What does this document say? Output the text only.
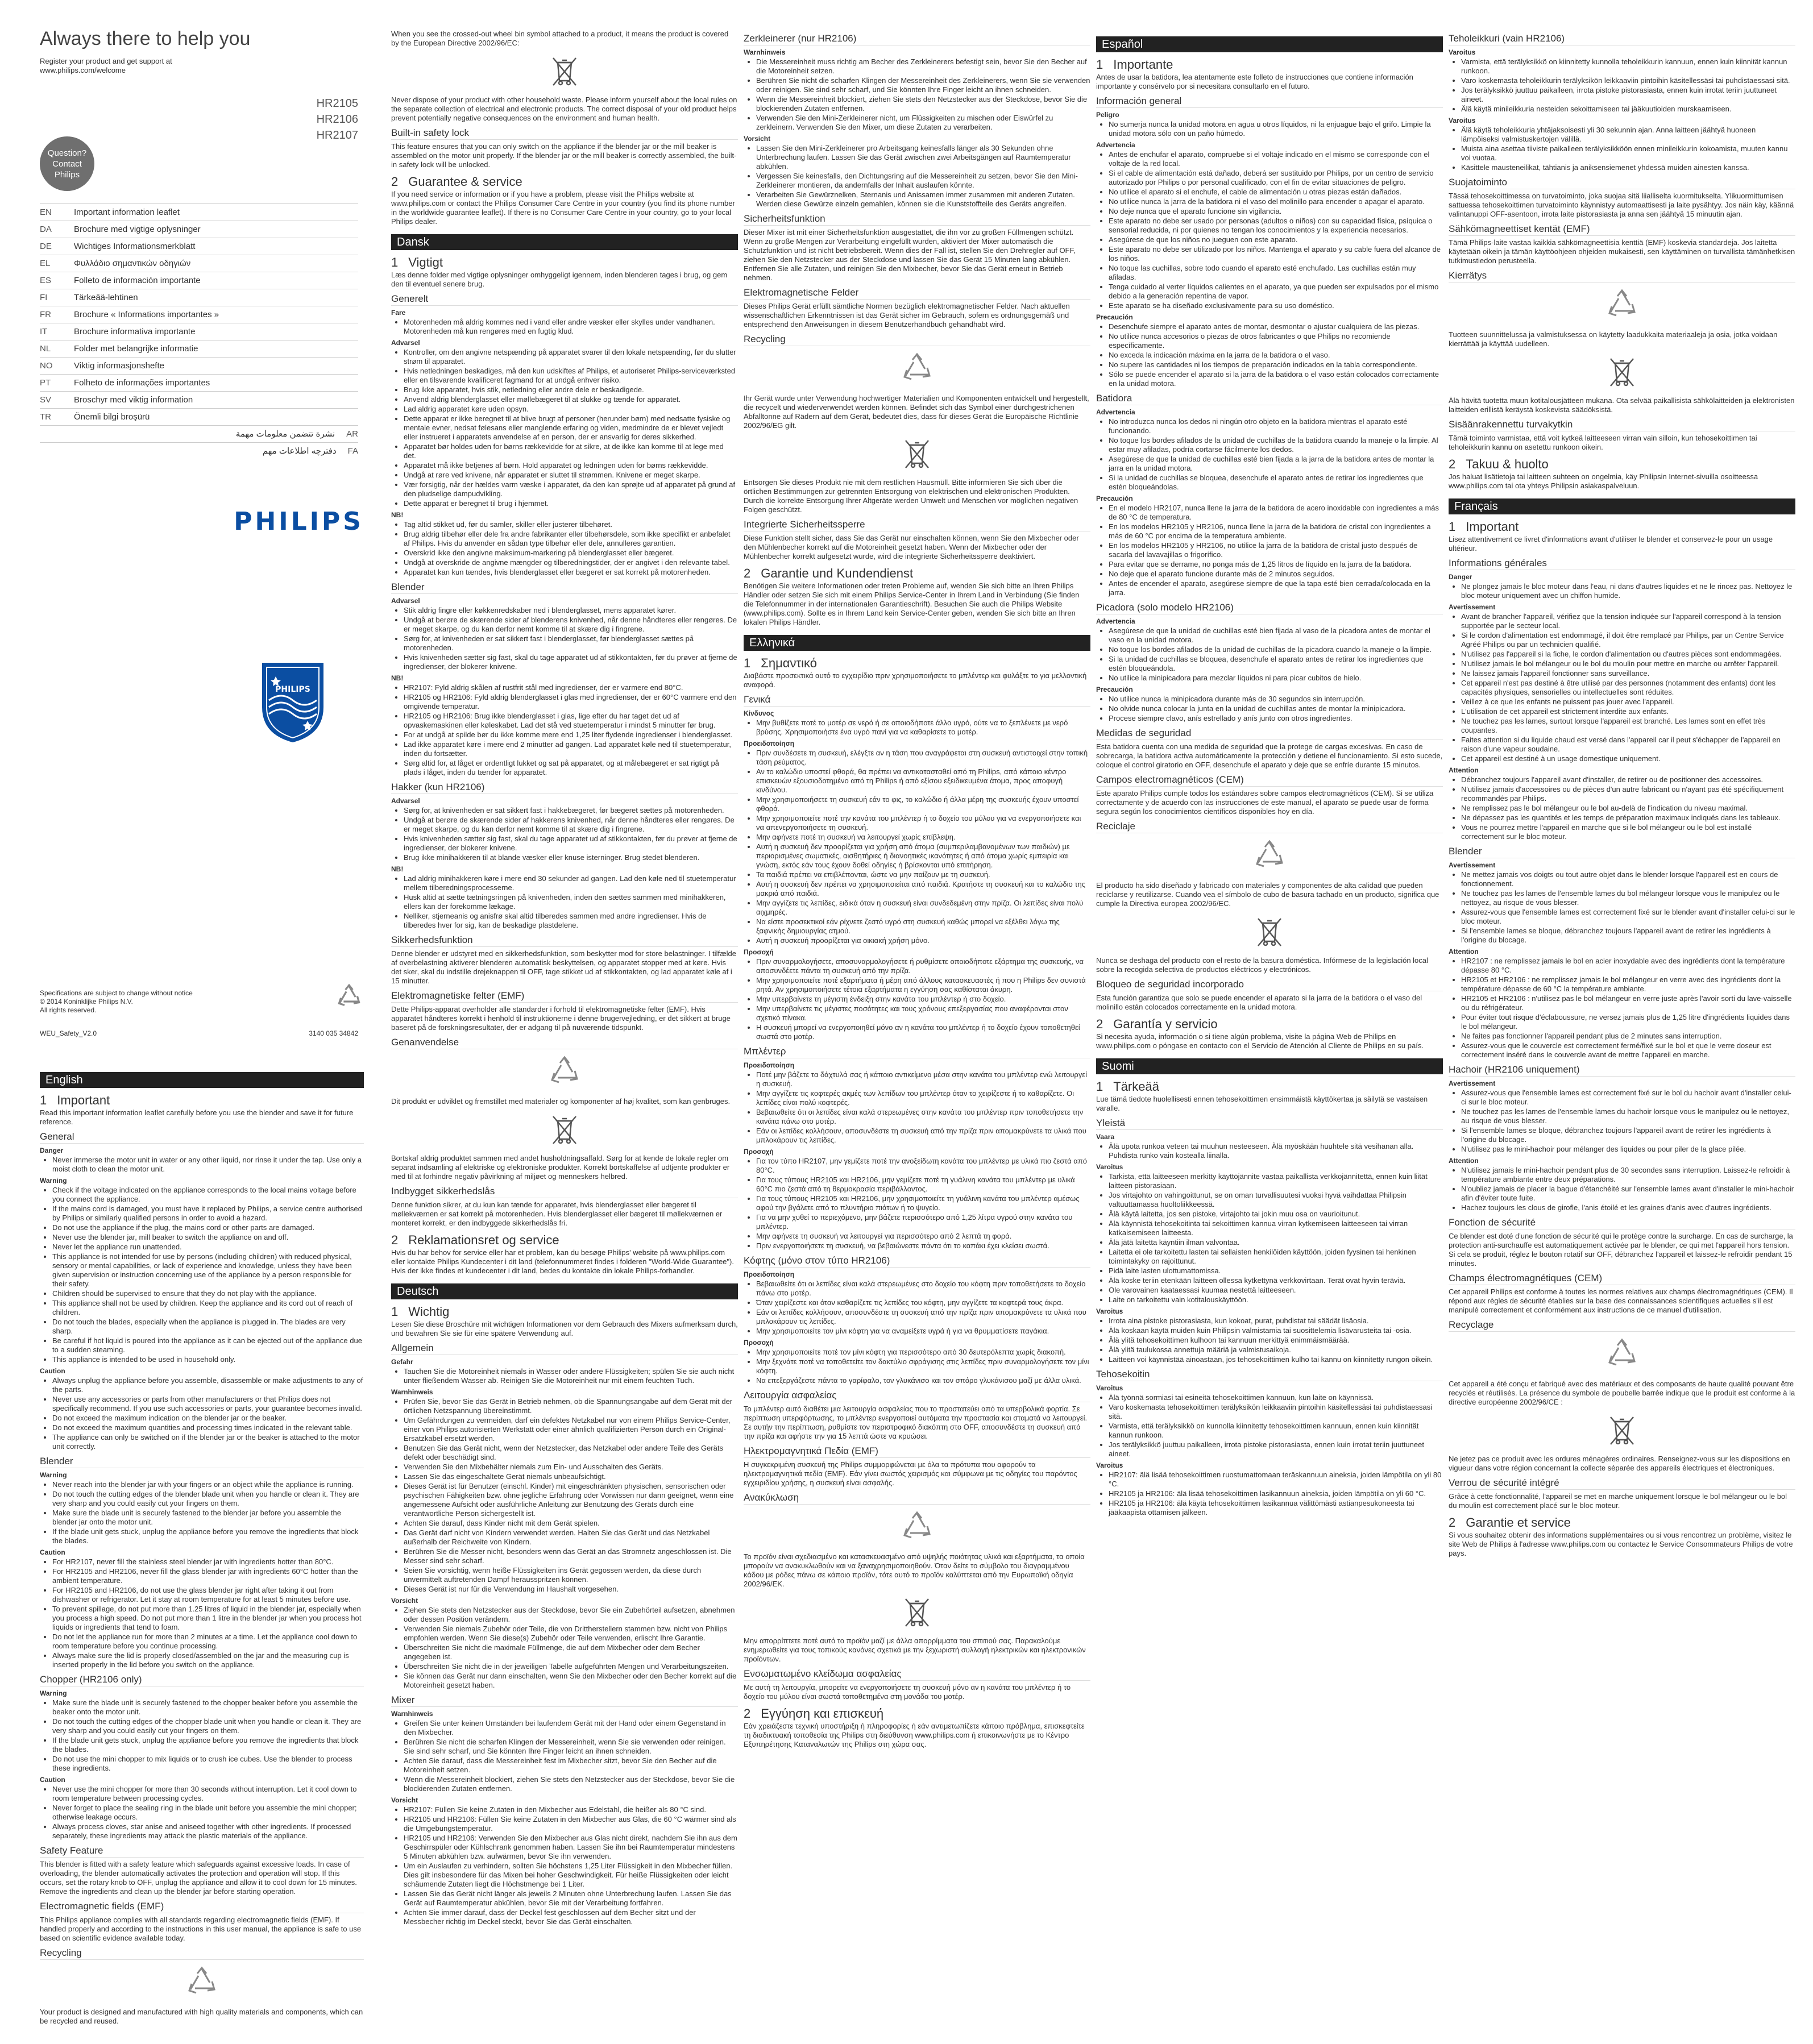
Always there to help you

Register your product and get support at

www.philips.com/welcome

HR2105
HR2106
HR2107
Question? Contact Philips
EN	Important information leaflet
DA	Brochure med vigtige oplysninger
DE	Wichtiges Informationsmerkblatt
EL	Φυλλάδιο σημαντικών οδηγιών
ES	Folleto de información importante
FI	Tärkeää-lehtinen
FR	Brochure « Informations importantes »
IT	Brochure informativa importante
NL	Folder met belangrijke informatie
NO	Viktig informasjonshefte
PT	Folheto de informações importantes
SV	Broschyr med viktig information
TR	Önemli bilgi broşürü
نشرة تتضمن معلومات مهمة AR
دفترچه اطلاعات مهم FA
PHILIPS
PHILIPS
Specifications are subject to change without notice
© 2014 Koninklijke Philips N.V.
All rights reserved.
WEU_Safety_V2.0	3140 035 34842
English
1 Important

Read this important information leaflet carefully before you use the blender and save it for future reference.

General
Danger
• Never immerse the motor unit in water or any other liquid, nor rinse it under the tap. Use only a moist cloth to clean the motor unit.
Warning
• Check if the voltage indicated on the appliance corresponds to the local mains voltage before you connect the appliance.
• If the mains cord is damaged, you must have it replaced by Philips, a service centre authorised by Philips or similarly qualified persons in order to avoid a hazard.
• Do not use the appliance if the plug, the mains cord or other parts are damaged.
• Never use the blender jar, mill beaker to switch the appliance on and off.
• Never let the appliance run unattended.
• This appliance is not intended for use by persons (including children) with reduced physical, sensory or mental capabilities, or lack of experience and knowledge, unless they have been given supervision or instruction concerning use of the appliance by a person responsible for their safety.
• Children should be supervised to ensure that they do not play with the appliance.
• This appliance shall not be used by children. Keep the appliance and its cord out of reach of children.
• Do not touch the blades, especially when the appliance is plugged in. The blades are very sharp.
• Be careful if hot liquid is poured into the appliance as it can be ejected out of the appliance due to a sudden steaming.
• This appliance is intended to be used in household only.
Caution
• Always unplug the appliance before you assemble, disassemble or make adjustments to any of the parts.
• Never use any accessories or parts from other manufacturers or that Philips does not specifically recommend. If you use such accessories or parts, your guarantee becomes invalid.
• Do not exceed the maximum indication on the blender jar or the beaker.
• Do not exceed the maximum quantities and processing times indicated in the relevant table.
• The appliance can only be switched on if the blender jar or the beaker is attached to the motor unit correctly.
Blender
Warning
• Never reach into the blender jar with your fingers or an object while the appliance is running.
• Do not touch the cutting edges of the blender blade unit when you handle or clean it. They are very sharp and you could easily cut your fingers on them.
• Make sure the blade unit is securely fastened to the blender jar before you assemble the blender jar onto the motor unit.
• If the blade unit gets stuck, unplug the appliance before you remove the ingredients that block the blades.
Caution
• For HR2107, never fill the stainless steel blender jar with ingredients hotter than 80°C.
• For HR2105 and HR2106, never fill the glass blender jar with ingredients 60°C hotter than the ambient temperature.
• For HR2105 and HR2106, do not use the glass blender jar right after taking it out from dishwasher or refrigerator. Let it stay at room temperature for at least 5 minutes before use.
• To prevent spillage, do not put more than 1.25 litres of liquid in the blender jar, especially when you process a high speed. Do not put more than 1 litre in the blender jar when you process hot liquids or ingredients that tend to foam.
• Do not let the appliance run for more than 2 minutes at a time. Let the appliance cool down to room temperature before you continue processing.
• Always make sure the lid is properly closed/assembled on the jar and the measuring cup is inserted properly in the lid before you switch on the appliance.
Chopper (HR2106 only)
Warning
• Make sure the blade unit is securely fastened to the chopper beaker before you assemble the beaker onto the motor unit.
• Do not touch the cutting edges of the chopper blade unit when you handle or clean it. They are very sharp and you could easily cut your fingers on them.
• If the blade unit gets stuck, unplug the appliance before you remove the ingredients that block the blades.
• Do not use the mini chopper to mix liquids or to crush ice cubes. Use the blender to process these ingredients.
Caution
• Never use the mini chopper for more than 30 seconds without interruption. Let it cool down to room temperature between processing cycles.
• Never forget to place the sealing ring in the blade unit before you assemble the mini chopper; otherwise leakage occurs.
• Always process cloves, star anise and aniseed together with other ingredients. If processed separately, these ingredients may attack the plastic materials of the appliance.
Safety Feature

This blender is fitted with a safety feature which safeguards against excessive loads. In case of overloading, the blender automatically activates the protection and operation will stop. If this occurs, set the rotary knob to OFF, unplug the appliance and allow it to cool down for 15 minutes. Remove the ingredients and clean up the blender jar before starting operation.

Electromagnetic fields (EMF)

This Philips appliance complies with all standards regarding electromagnetic fields (EMF). If handled properly and according to the instructions in this user manual, the appliance is safe to use based on scientific evidence available today.

Recycling

Your product is designed and manufactured with high quality materials and components, which can be recycled and reused.

When you see the crossed-out wheel bin symbol attached to a product, it means the product is covered by the European Directive 2002/96/EC:

Never dispose of your product with other household waste. Please inform yourself about the local rules on the separate collection of electrical and electronic products. The correct disposal of your old product helps prevent potentially negative consequences on the environment and human health.

Built-in safety lock

This feature ensures that you can only switch on the appliance if the blender jar or the mill beaker is assembled on the motor unit properly. If the blender jar or the mill beaker is correctly assembled, the built-in safety lock will be unlocked.

2 Guarantee & service

If you need service or information or if you have a problem, please visit the Philips website at www.philips.com or contact the Philips Consumer Care Centre in your country (you find its phone number in the worldwide guarantee leaflet). If there is no Consumer Care Centre in your country, go to your local Philips dealer.

Dansk
1 Vigtigt

Læs denne folder med vigtige oplysninger omhyggeligt igennem, inden blenderen tages i brug, og gem den til eventuel senere brug.

Generelt
Fare
• Motorenheden må aldrig kommes ned i vand eller andre væsker eller skylles under vandhanen. Motorenheden må kun rengøres med en fugtig klud.
Advarsel
• Kontroller, om den angivne netspænding på apparatet svarer til den lokale netspænding, før du slutter strøm til apparatet.
• Hvis netledningen beskadiges, må den kun udskiftes af Philips, et autoriseret Philips-serviceværksted eller en tilsvarende kvalificeret fagmand for at undgå enhver risiko.
• Brug ikke apparatet, hvis stik, netledning eller andre dele er beskadigede.
• Anvend aldrig blenderglasset eller møllebægeret til at slukke og tænde for apparatet.
• Lad aldrig apparatet køre uden opsyn.
• Dette apparat er ikke beregnet til at blive brugt af personer (herunder børn) med nedsatte fysiske og mentale evner, nedsat følesans eller manglende erfaring og viden, medmindre de er blevet vejledt eller instrueret i apparatets anvendelse af en person, der er ansvarlig for deres sikkerhed.
• Apparatet bør holdes uden for børns rækkevidde for at sikre, at de ikke kan komme til at lege med det.
• Apparatet må ikke betjenes af børn. Hold apparatet og ledningen uden for børns rækkevidde.
• Undgå at røre ved knivene, når apparatet er sluttet til strømmen. Knivene er meget skarpe.
• Vær forsigtig, når der hældes varm væske i apparatet, da den kan sprøjte ud af apparatet på grund af den pludselige dampudvikling.
• Dette apparat er beregnet til brug i hjemmet.
NB!
• Tag altid stikket ud, før du samler, skiller eller justerer tilbehøret.
• Brug aldrig tilbehør eller dele fra andre fabrikanter eller tilbehørsdele, som ikke specifikt er anbefalet af Philips. Hvis du anvender en sådan type tilbehør eller dele, annulleres garantien.
• Overskrid ikke den angivne maksimum-markering på blenderglasset eller bægeret.
• Undgå at overskride de angivne mængder og tilberedningstider, der er angivet i den relevante tabel.
• Apparatet kan kun tændes, hvis blenderglasset eller bægeret er sat korrekt på motorenheden.
Blender
Advarsel
• Stik aldrig fingre eller køkkenredskaber ned i blenderglasset, mens apparatet kører.
• Undgå at berøre de skærende sider af blenderens knivenhed, når denne håndteres eller rengøres. De er meget skarpe, og du kan derfor nemt komme til at skære dig i fingrene.
• Sørg for, at knivenheden er sat sikkert fast i blenderglasset, før blenderglasset sættes på motorenheden.
• Hvis knivenheden sætter sig fast, skal du tage apparatet ud af stikkontakten, før du prøver at fjerne de ingredienser, der blokerer knivene.
NB!
• HR2107: Fyld aldrig skålen af rustfrit stål med ingredienser, der er varmere end 80°C.
• HR2105 og HR2106: Fyld aldrig blenderglasset i glas med ingredienser, der er 60°C varmere end den omgivende temperatur.
• HR2105 og HR2106: Brug ikke blenderglasset i glas, lige efter du har taget det ud af opvaskemaskinen eller køleskabet. Lad det stå ved stuetemperatur i mindst 5 minutter før brug.
• For at undgå at spilde bør du ikke komme mere end 1,25 liter flydende ingredienser i blenderglasset.
• Lad ikke apparatet køre i mere end 2 minutter ad gangen. Lad apparatet køle ned til stuetemperatur, inden du fortsætter.
• Sørg altid for, at låget er ordentligt lukket og sat på apparatet, og at målebægeret er sat rigtigt på plads i låget, inden du tænder for apparatet.
Hakker (kun HR2106)
Advarsel
• Sørg for, at knivenheden er sat sikkert fast i hakkebægeret, før bægeret sættes på motorenheden.
• Undgå at berøre de skærende sider af hakkerens knivenhed, når denne håndteres eller rengøres. De er meget skarpe, og du kan derfor nemt komme til at skære dig i fingrene.
• Hvis knivenheden sætter sig fast, skal du tage apparatet ud af stikkontakten, før du prøver at fjerne de ingredienser, der blokerer knivene.
• Brug ikke minihakkeren til at blande væsker eller knuse isterninger. Brug stedet blenderen.
NB!
• Lad aldrig minihakkeren køre i mere end 30 sekunder ad gangen. Lad den køle ned til stuetemperatur mellem tilberedningsprocesserne.
• Husk altid at sætte tætningsringen på knivenheden, inden den sættes sammen med minihakkeren, ellers kan der forekomme lækage.
• Nelliker, stjerneanis og anisfrø skal altid tilberedes sammen med andre ingredienser. Hvis de tilberedes hver for sig, kan de beskadige plastdelene.
Sikkerhedsfunktion

Denne blender er udstyret med en sikkerhedsfunktion, som beskytter mod for store belastninger. I tilfælde af overbelastning aktiverer blenderen automatisk beskyttelsen, og apparatet stopper med at køre. Hvis det sker, skal du indstille drejeknappen til OFF, tage stikket ud af stikkontakten, og lad apparatet køle af i 15 minutter.

Elektromagnetiske felter (EMF)

Dette Philips-apparat overholder alle standarder i forhold til elektromagnetiske felter (EMF). Hvis apparatet håndteres korrekt i henhold til instruktionerne i denne brugervejledning, er det sikkert at bruge baseret på de forskningsresultater, der er adgang til på nuværende tidspunkt.

Genanvendelse

Dit produkt er udviklet og fremstillet med materialer og komponenter af høj kvalitet, som kan genbruges.

Bortskaf aldrig produktet sammen med andet husholdningsaffald. Sørg for at kende de lokale regler om separat indsamling af elektriske og elektroniske produkter. Korrekt bortskaffelse af udtjente produkter er med til at forhindre negativ påvirkning af miljøet og menneskers helbred.

Indbygget sikkerhedslås

Denne funktion sikrer, at du kun kan tænde for apparatet, hvis blenderglasset eller bægeret til møllekværnen er sat korrekt på motorenheden. Hvis blenderglasset eller bægeret til møllekværnen er monteret korrekt, er den indbyggede sikkerhedslås fri.

2 Reklamationsret og service

Hvis du har behov for service eller har et problem, kan du besøge Philips' website på www.philips.com eller kontakte Philips Kundecenter i dit land (telefonnummeret findes i folderen "World-Wide Guarantee"). Hvis der ikke findes et kundecenter i dit land, bedes du kontakte din lokale Philips-forhandler.

Deutsch
1 Wichtig

Lesen Sie diese Broschüre mit wichtigen Informationen vor dem Gebrauch des Mixers aufmerksam durch, und bewahren Sie sie für eine spätere Verwendung auf.

Allgemein
Gefahr
• Tauchen Sie die Motoreinheit niemals in Wasser oder andere Flüssigkeiten; spülen Sie sie auch nicht unter fließendem Wasser ab. Reinigen Sie die Motoreinheit nur mit einem feuchten Tuch.
Warnhinweis
• Prüfen Sie, bevor Sie das Gerät in Betrieb nehmen, ob die Spannungsangabe auf dem Gerät mit der örtlichen Netzspannung übereinstimmt.
• Um Gefährdungen zu vermeiden, darf ein defektes Netzkabel nur von einem Philips Service-Center, einer von Philips autorisierten Werkstatt oder einer ähnlich qualifizierten Person durch ein Original-Ersatzkabel ersetzt werden.
• Benutzen Sie das Gerät nicht, wenn der Netzstecker, das Netzkabel oder andere Teile des Geräts defekt oder beschädigt sind.
• Verwenden Sie den Mixbehälter niemals zum Ein- und Ausschalten des Geräts.
• Lassen Sie das eingeschaltete Gerät niemals unbeaufsichtigt.
• Dieses Gerät ist für Benutzer (einschl. Kinder) mit eingeschränkten physischen, sensorischen oder psychischen Fähigkeiten bzw. ohne jegliche Erfahrung oder Vorwissen nur dann geeignet, wenn eine angemessene Aufsicht oder ausführliche Anleitung zur Benutzung des Geräts durch eine verantwortliche Person sichergestellt ist.
• Achten Sie darauf, dass Kinder nicht mit dem Gerät spielen.
• Das Gerät darf nicht von Kindern verwendet werden. Halten Sie das Gerät und das Netzkabel außerhalb der Reichweite von Kindern.
• Berühren Sie die Messer nicht, besonders wenn das Gerät an das Stromnetz angeschlossen ist. Die Messer sind sehr scharf.
• Seien Sie vorsichtig, wenn heiße Flüssigkeiten ins Gerät gegossen werden, da diese durch unvermittelt auftretenden Dampf herausspritzen können.
• Dieses Gerät ist nur für die Verwendung im Haushalt vorgesehen.
Vorsicht
• Ziehen Sie stets den Netzstecker aus der Steckdose, bevor Sie ein Zubehörteil aufsetzen, abnehmen oder dessen Position verändern.
• Verwenden Sie niemals Zubehör oder Teile, die von Drittherstellern stammen bzw. nicht von Philips empfohlen werden. Wenn Sie diese(s) Zubehör oder Teile verwenden, erlischt Ihre Garantie.
• Überschreiten Sie nicht die maximale Füllmenge, die auf dem Mixbecher oder dem Becher angegeben ist.
• Überschreiten Sie nicht die in der jeweiligen Tabelle aufgeführten Mengen und Verarbeitungszeiten.
• Sie können das Gerät nur dann einschalten, wenn Sie den Mixbecher oder den Becher korrekt auf die Motoreinheit gesetzt haben.
Mixer
Warnhinweis
• Greifen Sie unter keinen Umständen bei laufendem Gerät mit der Hand oder einem Gegenstand in den Mixbecher.
• Berühren Sie nicht die scharfen Klingen der Messereinheit, wenn Sie sie verwenden oder reinigen. Sie sind sehr scharf, und Sie könnten Ihre Finger leicht an ihnen schneiden.
• Achten Sie darauf, dass die Messereinheit fest im Mixbecher sitzt, bevor Sie den Becher auf die Motoreinheit setzen.
• Wenn die Messereinheit blockiert, ziehen Sie stets den Netzstecker aus der Steckdose, bevor Sie die blockierenden Zutaten entfernen.
Vorsicht
• HR2107: Füllen Sie keine Zutaten in den Mixbecher aus Edelstahl, die heißer als 80 °C sind.
• HR2105 und HR2106: Füllen Sie keine Zutaten in den Mixbecher aus Glas, die 60 °C wärmer sind als die Umgebungstemperatur.
• HR2105 und HR2106: Verwenden Sie den Mixbecher aus Glas nicht direkt, nachdem Sie ihn aus dem Geschirrspüler oder Kühlschrank genommen haben. Lassen Sie ihn bei Raumtemperatur mindestens 5 Minuten abkühlen bzw. aufwärmen, bevor Sie ihn verwenden.
• Um ein Auslaufen zu verhindern, sollten Sie höchstens 1,25 Liter Flüssigkeit in den Mixbecher füllen. Dies gilt insbesondere für das Mixen bei hoher Geschwindigkeit. Für heiße Flüssigkeiten oder leicht schäumende Zutaten liegt die Höchstmenge bei 1 Liter.
• Lassen Sie das Gerät nicht länger als jeweils 2 Minuten ohne Unterbrechung laufen. Lassen Sie das Gerät auf Raumtemperatur abkühlen, bevor Sie mit der Verarbeitung fortfahren.
• Achten Sie immer darauf, dass der Deckel fest geschlossen auf dem Becher sitzt und der Messbecher richtig im Deckel steckt, bevor Sie das Gerät einschalten.
Zerkleinerer (nur HR2106)
Warnhinweis
• Die Messereinheit muss richtig am Becher des Zerkleinerers befestigt sein, bevor Sie den Becher auf die Motoreinheit setzen.
• Berühren Sie nicht die scharfen Klingen der Messereinheit des Zerkleinerers, wenn Sie sie verwenden oder reinigen. Sie sind sehr scharf, und Sie könnten Ihre Finger leicht an ihnen schneiden.
• Wenn die Messereinheit blockiert, ziehen Sie stets den Netzstecker aus der Steckdose, bevor Sie die blockierenden Zutaten entfernen.
• Verwenden Sie den Mini-Zerkleinerer nicht, um Flüssigkeiten zu mischen oder Eiswürfel zu zerkleinern. Verwenden Sie den Mixer, um diese Zutaten zu verarbeiten.
Vorsicht
• Lassen Sie den Mini-Zerkleinerer pro Arbeitsgang keinesfalls länger als 30 Sekunden ohne Unterbrechung laufen. Lassen Sie das Gerät zwischen zwei Arbeitsgängen auf Raumtemperatur abkühlen.
• Vergessen Sie keinesfalls, den Dichtungsring auf die Messereinheit zu setzen, bevor Sie den Mini-Zerkleinerer montieren, da andernfalls der Inhalt auslaufen könnte.
• Verarbeiten Sie Gewürznelken, Sternanis und Anissamen immer zusammen mit anderen Zutaten. Werden diese Gewürze einzeln gemahlen, können sie die Kunststoffteile des Geräts angreifen.
Sicherheitsfunktion

Dieser Mixer ist mit einer Sicherheitsfunktion ausgestattet, die ihn vor zu großen Füllmengen schützt. Wenn zu große Mengen zur Verarbeitung eingefüllt wurden, aktiviert der Mixer automatisch die Schutzfunktion und ist nicht betriebsbereit. Wenn dies der Fall ist, stellen Sie den Drehregler auf OFF, ziehen Sie den Netzstecker aus der Steckdose und lassen Sie das Gerät 15 Minuten lang abkühlen. Entfernen Sie alle Zutaten, und reinigen Sie den Mixbecher, bevor Sie das Gerät erneut in Betrieb nehmen.

Elektromagnetische Felder

Dieses Philips Gerät erfüllt sämtliche Normen bezüglich elektromagnetischer Felder. Nach aktuellen wissenschaftlichen Erkenntnissen ist das Gerät sicher im Gebrauch, sofern es ordnungsgemäß und entsprechend den Anweisungen in diesem Benutzerhandbuch gehandhabt wird.

Recycling

Ihr Gerät wurde unter Verwendung hochwertiger Materialien und Komponenten entwickelt und hergestellt, die recycelt und wiederverwendet werden können. Befindet sich das Symbol einer durchgestrichenen Abfalltonne auf Rädern auf dem Gerät, bedeutet dies, dass für dieses Gerät die Europäische Richtlinie 2002/96/EG gilt.

Entsorgen Sie dieses Produkt nie mit dem restlichen Hausmüll. Bitte informieren Sie sich über die örtlichen Bestimmungen zur getrennten Entsorgung von elektrischen und elektronischen Produkten. Durch die korrekte Entsorgung Ihrer Altgeräte werden Umwelt und Menschen vor möglichen negativen Folgen geschützt.

Integrierte Sicherheitssperre

Diese Funktion stellt sicher, dass Sie das Gerät nur einschalten können, wenn Sie den Mixbecher oder den Mühlenbecher korrekt auf die Motoreinheit gesetzt haben. Wenn der Mixbecher oder der Mühlenbecher korrekt aufgesetzt wurde, wird die integrierte Sicherheitssperre deaktiviert.

2 Garantie und Kundendienst

Benötigen Sie weitere Informationen oder treten Probleme auf, wenden Sie sich bitte an Ihren Philips Händler oder setzen Sie sich mit einem Philips Service-Center in Ihrem Land in Verbindung (Sie finden die Telefonnummer in der internationalen Garantieschrift). Besuchen Sie auch die Philips Website (www.philips.com). Sollte es in Ihrem Land kein Service-Center geben, wenden Sie sich bitte an Ihren lokalen Philips Händler.

Ελληνικά
1 Σημαντικό

Διαβάστε προσεκτικά αυτό το εγχειρίδιο πριν χρησιμοποιήσετε το μπλέντερ και φυλάξτε το για μελλοντική αναφορά.

Γενικά
Κίνδυνος
• Μην βυθίζετε ποτέ το μοτέρ σε νερό ή σε οποιοδήποτε άλλο υγρό, ούτε να το ξεπλένετε με νερό βρύσης. Χρησιμοποιήστε ένα υγρό πανί για να καθαρίσετε το μοτέρ.
Προειδοποίηση
• Πριν συνδέσετε τη συσκευή, ελέγξτε αν η τάση που αναγράφεται στη συσκευή αντιστοιχεί στην τοπική τάση ρεύματος.
• Αν το καλώδιο υποστεί φθορά, θα πρέπει να αντικατασταθεί από τη Philips, από κάποιο κέντρο επισκευών εξουσιοδοτημένο από τη Philips ή από εξίσου εξειδικευμένα άτομα, προς αποφυγή κινδύνου.
• Μην χρησιμοποιήσετε τη συσκευή εάν το φις, το καλώδιο ή άλλα μέρη της συσκευής έχουν υποστεί φθορά.
• Μην χρησιμοποιείτε ποτέ την κανάτα του μπλέντερ ή το δοχείο του μύλου για να ενεργοποιήσετε και να απενεργοποιήσετε τη συσκευή.
• Μην αφήνετε ποτέ τη συσκευή να λειτουργεί χωρίς επίβλεψη.
• Αυτή η συσκευή δεν προορίζεται για χρήση από άτομα (συμπεριλαμβανομένων των παιδιών) με περιορισμένες σωματικές, αισθητήριες ή διανοητικές ικανότητες ή από άτομα χωρίς εμπειρία και γνώση, εκτός εάν τους έχουν δοθεί οδηγίες ή βρίσκονται υπό επιτήρηση.
• Τα παιδιά πρέπει να επιβλέπονται, ώστε να μην παίζουν με τη συσκευή.
• Αυτή η συσκευή δεν πρέπει να χρησιμοποιείται από παιδιά. Κρατήστε τη συσκευή και το καλώδιο της μακριά από παιδιά.
• Μην αγγίζετε τις λεπίδες, ειδικά όταν η συσκευή είναι συνδεδεμένη στην πρίζα. Οι λεπίδες είναι πολύ αιχμηρές.
• Να είστε προσεκτικοί εάν ρίχνετε ζεστό υγρό στη συσκευή καθώς μπορεί να εξέλθει λόγω της ξαφνικής δημιουργίας ατμού.
• Αυτή η συσκευή προορίζεται για οικιακή χρήση μόνο.
Προσοχή
• Πριν συναρμολογήσετε, αποσυναρμολογήσετε ή ρυθμίσετε οποιοδήποτε εξάρτημα της συσκευής, να αποσυνδέετε πάντα τη συσκευή από την πρίζα.
• Μην χρησιμοποιείτε ποτέ εξαρτήματα ή μέρη από άλλους κατασκευαστές ή που η Philips δεν συνιστά ρητά. Αν χρησιμοποιήσετε τέτοια εξαρτήματα η εγγύηση σας καθίσταται άκυρη.
• Μην υπερβαίνετε τη μέγιστη ένδειξη στην κανάτα του μπλέντερ ή στο δοχείο.
• Μην υπερβαίνετε τις μέγιστες ποσότητες και τους χρόνους επεξεργασίας που αναφέρονται στον σχετικό πίνακα.
• Η συσκευή μπορεί να ενεργοποιηθεί μόνο αν η κανάτα του μπλέντερ ή το δοχείο έχουν τοποθετηθεί σωστά στο μοτέρ.
Μπλέντερ
Προειδοποίηση
• Ποτέ μην βάζετε τα δάχτυλά σας ή κάποιο αντικείμενο μέσα στην κανάτα του μπλέντερ ενώ λειτουργεί η συσκευή.
• Μην αγγίζετε τις κοφτερές ακμές των λεπίδων του μπλέντερ όταν το χειρίζεστε ή το καθαρίζετε. Οι λεπίδες είναι πολύ κοφτερές.
• Βεβαιωθείτε ότι οι λεπίδες είναι καλά στερεωμένες στην κανάτα του μπλέντερ πριν τοποθετήσετε την κανάτα πάνω στο μοτέρ.
• Εάν οι λεπίδες κολλήσουν, αποσυνδέστε τη συσκευή από την πρίζα πριν απομακρύνετε τα υλικά που μπλοκάρουν τις λεπίδες.
Προσοχή
• Για τον τύπο HR2107, μην γεμίζετε ποτέ την ανοξείδωτη κανάτα του μπλέντερ με υλικά πιο ζεστά από 80°C.
• Για τους τύπους HR2105 και HR2106, μην γεμίζετε ποτέ τη γυάλινη κανάτα του μπλέντερ με υλικά 60°C πιο ζεστά από τη θερμοκρασία περιβάλλοντος.
• Για τους τύπους HR2105 και HR2106, μην χρησιμοποιείτε τη γυάλινη κανάτα του μπλέντερ αμέσως αφού την βγάλετε από το πλυντήριο πιάτων ή το ψυγείο.
• Για να μην χυθεί το περιεχόμενο, μην βάζετε περισσότερο από 1,25 λίτρα υγρού στην κανάτα του μπλέντερ.
• Μην αφήνετε τη συσκευή να λειτουργεί για περισσότερο από 2 λεπτά τη φορά.
• Πριν ενεργοποιήσετε τη συσκευή, να βεβαιώνεστε πάντα ότι το καπάκι έχει κλείσει σωστά.
Κόφτης (μόνο στον τύπο HR2106)
Προειδοποίηση
• Βεβαιωθείτε ότι οι λεπίδες είναι καλά στερεωμένες στο δοχείο του κόφτη πριν τοποθετήσετε το δοχείο πάνω στο μοτέρ.
• Όταν χειρίζεστε και όταν καθαρίζετε τις λεπίδες του κόφτη, μην αγγίζετε τα κοφτερά τους άκρα.
• Εάν οι λεπίδες κολλήσουν, αποσυνδέστε τη συσκευή από την πρίζα πριν απομακρύνετε τα υλικά που μπλοκάρουν τις λεπίδες.
• Μην χρησιμοποιείτε τον μίνι κόφτη για να αναμείξετε υγρά ή για να θρυμματίσετε παγάκια.
Προσοχή
• Μην χρησιμοποιείτε ποτέ τον μίνι κόφτη για περισσότερο από 30 δευτερόλεπτα χωρίς διακοπή.
• Μην ξεχνάτε ποτέ να τοποθετείτε τον δακτύλιο σφράγισης στις λεπίδες πριν συναρμολογήσετε τον μίνι κόφτη.
• Να επεξεργάζεστε πάντα το γαρίφαλο, τον γλυκάνισο και τον σπόρο γλυκάνισου μαζί με άλλα υλικά.
Λειτουργία ασφαλείας

Το μπλέντερ αυτό διαθέτει μια λειτουργία ασφαλείας που το προστατεύει από τα υπερβολικά φορτία. Σε περίπτωση υπερφόρτωσης, το μπλέντερ ενεργοποιεί αυτόματα την προστασία και σταματά να λειτουργεί. Σε αυτήν την περίπτωση, ρυθμίστε τον περιστροφικό διακόπτη στο OFF, αποσυνδέστε τη συσκευή από την πρίζα και αφήστε την για 15 λεπτά ώστε να κρυώσει.

Ηλεκτρομαγνητικά Πεδία (EMF)

Η συγκεκριμένη συσκευή της Philips συμμορφώνεται με όλα τα πρότυπα που αφορούν τα ηλεκτρομαγνητικά πεδία (EMF). Εάν γίνει σωστός χειρισμός και σύμφωνα με τις οδηγίες του παρόντος εγχειριδίου χρήσης, η συσκευή είναι ασφαλής.

Ανακύκλωση

Το προϊόν είναι σχεδιασμένο και κατασκευασμένο από υψηλής ποιότητας υλικά και εξαρτήματα, τα οποία μπορούν να ανακυκλωθούν και να ξαναχρησιμοποιηθούν. Όταν δείτε το σύμβολο του διαγραμμένου κάδου με ρόδες πάνω σε κάποιο προϊόν, τότε αυτό το προϊόν καλύπτεται από την Ευρωπαϊκή οδηγία 2002/96/ΕΚ.

Μην απορρίπτετε ποτέ αυτό το προϊόν μαζί με άλλα απορρίμματα του σπιτιού σας. Παρακαλούμε ενημερωθείτε για τους τοπικούς κανόνες σχετικά με την ξεχωριστή συλλογή ηλεκτρικών και ηλεκτρονικών προϊόντων.

Ενσωματωμένο κλείδωμα ασφαλείας

Με αυτή τη λειτουργία, μπορείτε να ενεργοποιήσετε τη συσκευή μόνο αν η κανάτα του μπλέντερ ή το δοχείο του μύλου είναι σωστά τοποθετημένα στη μονάδα του μοτέρ.

2 Εγγύηση και επισκευή

Εάν χρειάζεστε τεχνική υποστήριξη ή πληροφορίες ή εάν αντιμετωπίζετε κάποιο πρόβλημα, επισκεφτείτε τη διαδικτυακή τοποθεσία της Philips στη διεύθυνση www.philips.com ή επικοινωνήστε με το Κέντρο Εξυπηρέτησης Καταναλωτών της Philips στη χώρα σας.

Español
1 Importante

Antes de usar la batidora, lea atentamente este folleto de instrucciones que contiene información importante y consérvelo por si necesitara consultarlo en el futuro.

Información general
Peligro
• No sumerja nunca la unidad motora en agua u otros líquidos, ni la enjuague bajo el grifo. Limpie la unidad motora sólo con un paño húmedo.
Advertencia
• Antes de enchufar el aparato, compruebe si el voltaje indicado en el mismo se corresponde con el voltaje de la red local.
• Si el cable de alimentación está dañado, deberá ser sustituido por Philips, por un centro de servicio autorizado por Philips o por personal cualificado, con el fin de evitar situaciones de peligro.
• No utilice el aparato si el enchufe, el cable de alimentación u otras piezas están dañados.
• No utilice nunca la jarra de la batidora ni el vaso del molinillo para encender o apagar el aparato.
• No deje nunca que el aparato funcione sin vigilancia.
• Este aparato no debe ser usado por personas (adultos o niños) con su capacidad física, psíquica o sensorial reducida, ni por quienes no tengan los conocimientos y la experiencia necesarios.
• Asegúrese de que los niños no jueguen con este aparato.
• Este aparato no debe ser utilizado por los niños. Mantenga el aparato y su cable fuera del alcance de los niños.
• No toque las cuchillas, sobre todo cuando el aparato esté enchufado. Las cuchillas están muy afiladas.
• Tenga cuidado al verter líquidos calientes en el aparato, ya que pueden ser expulsados por el mismo debido a la generación repentina de vapor.
• Este aparato se ha diseñado exclusivamente para su uso doméstico.
Precaución
• Desenchufe siempre el aparato antes de montar, desmontar o ajustar cualquiera de las piezas.
• No utilice nunca accesorios o piezas de otros fabricantes o que Philips no recomiende específicamente.
• No exceda la indicación máxima en la jarra de la batidora o el vaso.
• No supere las cantidades ni los tiempos de preparación indicados en la tabla correspondiente.
• Sólo se puede encender el aparato si la jarra de la batidora o el vaso están colocados correctamente en la unidad motora.
Batidora
Advertencia
• No introduzca nunca los dedos ni ningún otro objeto en la batidora mientras el aparato esté funcionando.
• No toque los bordes afilados de la unidad de cuchillas de la batidora cuando la maneje o la limpie. Al estar muy afiladas, podría cortarse fácilmente los dedos.
• Asegúrese de que la unidad de cuchillas esté bien fijada a la jarra de la batidora antes de montar la jarra en la unidad motora.
• Si la unidad de cuchillas se bloquea, desenchufe el aparato antes de retirar los ingredientes que estén bloqueándolas.
Precaución
• En el modelo HR2107, nunca llene la jarra de la batidora de acero inoxidable con ingredientes a más de 80 °C de temperatura.
• En los modelos HR2105 y HR2106, nunca llene la jarra de la batidora de cristal con ingredientes a más de 60 °C por encima de la temperatura ambiente.
• En los modelos HR2105 y HR2106, no utilice la jarra de la batidora de cristal justo después de sacarla del lavavajillas o frigorífico.
• Para evitar que se derrame, no ponga más de 1,25 litros de líquido en la jarra de la batidora.
• No deje que el aparato funcione durante más de 2 minutos seguidos.
• Antes de encender el aparato, asegúrese siempre de que la tapa esté bien cerrada/colocada en la jarra.
Picadora (solo modelo HR2106)
Advertencia
• Asegúrese de que la unidad de cuchillas esté bien fijada al vaso de la picadora antes de montar el vaso en la unidad motora.
• No toque los bordes afilados de la unidad de cuchillas de la picadora cuando la maneje o la limpie.
• Si la unidad de cuchillas se bloquea, desenchufe el aparato antes de retirar los ingredientes que estén bloqueándola.
• No utilice la minipicadora para mezclar líquidos ni para picar cubitos de hielo.
Precaución
• No utilice nunca la minipicadora durante más de 30 segundos sin interrupción.
• No olvide nunca colocar la junta en la unidad de cuchillas antes de montar la minipicadora.
• Procese siempre clavo, anís estrellado y anís junto con otros ingredientes.
Medidas de seguridad

Esta batidora cuenta con una medida de seguridad que la protege de cargas excesivas. En caso de sobrecarga, la batidora activa automáticamente la protección y detiene el funcionamiento. Si esto sucede, coloque el control giratorio en OFF, desenchufe el aparato y deje que se enfríe durante 15 minutos.

Campos electromagnéticos (CEM)

Este aparato Philips cumple todos los estándares sobre campos electromagnéticos (CEM). Si se utiliza correctamente y de acuerdo con las instrucciones de este manual, el aparato se puede usar de forma segura según los conocimientos científicos disponibles hoy en día.

Reciclaje

El producto ha sido diseñado y fabricado con materiales y componentes de alta calidad que pueden reciclarse y reutilizarse. Cuando vea el símbolo de cubo de basura tachado en un producto, significa que cumple la Directiva europea 2002/96/EC.

Nunca se deshaga del producto con el resto de la basura doméstica. Infórmese de la legislación local sobre la recogida selectiva de productos eléctricos y electrónicos.

Bloqueo de seguridad incorporado

Esta función garantiza que solo se puede encender el aparato si la jarra de la batidora o el vaso del molinillo están colocados correctamente en la unidad motora.

2 Garantía y servicio

Si necesita ayuda, información o si tiene algún problema, visite la página Web de Philips en www.philips.com o póngase en contacto con el Servicio de Atención al Cliente de Philips en su país.

Suomi
1 Tärkeää

Lue tämä tiedote huolellisesti ennen tehosekoittimen ensimmäistä käyttökertaa ja säilytä se vastaisen varalle.

Yleistä
Vaara
• Älä upota runkoa veteen tai muuhun nesteeseen. Älä myöskään huuhtele sitä vesihanan alla. Puhdista runko vain kostealla liinalla.
Varoitus
• Tarkista, että laitteeseen merkitty käyttöjännite vastaa paikallista verkkojännitettä, ennen kuin liität laitteen pistorasiaan.
• Jos virtajohto on vahingoittunut, se on oman turvallisuutesi vuoksi hyvä vaihdattaa Philipsin valtuuttamassa huoltoliikkeessä.
• Älä käytä laitetta, jos sen pistoke, virtajohto tai jokin muu osa on vaurioitunut.
• Älä käynnistä tehosekoitinta tai sekoittimen kannua virran kytkemiseen laitteeseen tai virran katkaisemiseen laitteesta.
• Älä jätä laitetta käyntiin ilman valvontaa.
• Laitetta ei ole tarkoitettu lasten tai sellaisten henkilöiden käyttöön, joiden fyysinen tai henkinen toimintakyky on rajoittunut.
• Pidä laite lasten ulottumattomissa.
• Älä koske teriin etenkään laitteen ollessa kytkettynä verkkovirtaan. Terät ovat hyvin teräviä.
• Ole varovainen kaataessasi kuumaa nestettä laitteeseen.
• Laite on tarkoitettu vain kotitalouskäyttöön.
Varoitus
• Irrota aina pistoke pistorasiasta, kun kokoat, purat, puhdistat tai säädät lisäosia.
• Älä koskaan käytä muiden kuin Philipsin valmistamia tai suosittelemia lisävarusteita tai -osia.
• Älä ylitä tehosekoittimen kulhoon tai kannuun merkittyä enimmäismäärää.
• Älä ylitä taulukossa annettuja määriä ja valmistusaikoja.
• Laitteen voi käynnistää ainoastaan, jos tehosekoittimen kulho tai kannu on kiinnitetty rungon oikein.
Tehosekoitin
Varoitus
• Älä työnnä sormiasi tai esineitä tehosekoittimen kannuun, kun laite on käynnissä.
• Varo koskemasta tehosekoittimen terälyksikön leikkaaviin pintoihin käsitellessäsi tai puhdistaessasi sitä.
• Varmista, että terälyksikkö on kunnolla kiinnitetty tehosekoittimen kannuun, ennen kuin kiinnität kannun runkoon.
• Jos terälyksikkö juuttuu paikalleen, irrota pistoke pistorasiasta, ennen kuin irrotat teriin juuttuneet aineet.
Varoitus
• HR2107: älä lisää tehosekoittimen ruostumattomaan teräskannuun aineksia, joiden lämpötila on yli 80 °C.
• HR2105 ja HR2106: älä lisää tehosekoittimen lasikannuun aineksia, joiden lämpötila on yli 60 °C.
• HR2105 ja HR2106: älä käytä tehosekoittimen lasikannua välittömästi astianpesukoneesta tai jääkaapista ottamisen jälkeen.
Teholeikkuri (vain HR2106)
Varoitus
• Varmista, että terälyksikkö on kiinnitetty kunnolla teholeikkurin kannuun, ennen kuin kiinnität kannun runkoon.
• Varo koskemasta teholeikkurin terälyksikön leikkaaviin pintoihin käsitellessäsi tai puhdistaessasi sitä.
• Jos terälyksikkö juuttuu paikalleen, irrota pistoke pistorasiasta, ennen kuin irrotat teriin juuttuneet aineet.
• Älä käytä minileikkuria nesteiden sekoittamiseen tai jääkuutioiden murskaamiseen.
Varoitus
• Älä käytä teholeikkuria yhtäjaksoisesti yli 30 sekunnin ajan. Anna laitteen jäähtyä huoneen lämpöiseksi valmistuskertojen välillä.
• Muista aina asettaa tiiviste paikalleen terälyksikköön ennen minileikkurin kokoamista, muuten kannu voi vuotaa.
• Käsittele mausteneilikat, tähtianis ja aniksensiemenet yhdessä muiden ainesten kanssa.
Suojatoiminto

Tässä tehosekoittimessa on turvatoiminto, joka suojaa sitä liialliselta kuormitukselta. Ylikuormittumisen sattuessa tehosekoittimen turvatoiminto käynnistyy automaattisesti ja laite pysähtyy. Jos näin käy, käännä valintanuppi OFF-asentoon, irrota laite pistorasiasta ja anna sen jäähtyä 15 minuutin ajan.

Sähkömagneettiset kentät (EMF)

Tämä Philips-laite vastaa kaikkia sähkömagneettisia kenttiä (EMF) koskevia standardeja. Jos laitetta käytetään oikein ja tämän käyttöohjeen ohjeiden mukaisesti, sen käyttäminen on turvallista tämänhetkisen tutkimustiedon perusteella.

Kierrätys

Tuotteen suunnittelussa ja valmistuksessa on käytetty laadukkaita materiaaleja ja osia, jotka voidaan kierrättää ja käyttää uudelleen.

Älä hävitä tuotetta muun kotitalousjätteen mukana. Ota selvää paikallisista sähkölaitteiden ja elektronisten laitteiden erillistä keräystä koskevista säädöksistä.

Sisäänrakennettu turvakytkin

Tämä toiminto varmistaa, että voit kytkeä laitteeseen virran vain silloin, kun tehosekoittimen tai teholeikkurin kannu on asetettu runkoon oikein.

2 Takuu & huolto

Jos haluat lisätietoja tai laitteen suhteen on ongelmia, käy Philipsin Internet-sivuilla osoitteessa www.philips.com tai ota yhteys Philipsin asiakaspalveluun.

Français
1 Important

Lisez attentivement ce livret d'informations avant d'utiliser le blender et conservez-le pour un usage ultérieur.

Informations générales
Danger
• Ne plongez jamais le bloc moteur dans l'eau, ni dans d'autres liquides et ne le rincez pas. Nettoyez le bloc moteur uniquement avec un chiffon humide.
Avertissement
• Avant de brancher l'appareil, vérifiez que la tension indiquée sur l'appareil correspond à la tension supportée par le secteur local.
• Si le cordon d'alimentation est endommagé, il doit être remplacé par Philips, par un Centre Service Agréé Philips ou par un technicien qualifié.
• N'utilisez pas l'appareil si la fiche, le cordon d'alimentation ou d'autres pièces sont endommagées.
• N'utilisez jamais le bol mélangeur ou le bol du moulin pour mettre en marche ou arrêter l'appareil.
• Ne laissez jamais l'appareil fonctionner sans surveillance.
• Cet appareil n'est pas destiné à être utilisé par des personnes (notamment des enfants) dont les capacités physiques, sensorielles ou intellectuelles sont réduites.
• Veillez à ce que les enfants ne puissent pas jouer avec l'appareil.
• L'utilisation de cet appareil est strictement interdite aux enfants.
• Ne touchez pas les lames, surtout lorsque l'appareil est branché. Les lames sont en effet très coupantes.
• Faites attention si du liquide chaud est versé dans l'appareil car il peut s'échapper de l'appareil en raison d'une vapeur soudaine.
• Cet appareil est destiné à un usage domestique uniquement.
Attention
• Débranchez toujours l'appareil avant d'installer, de retirer ou de positionner des accessoires.
• N'utilisez jamais d'accessoires ou de pièces d'un autre fabricant ou n'ayant pas été spécifiquement recommandés par Philips.
• Ne remplissez pas le bol mélangeur ou le bol au-delà de l'indication du niveau maximal.
• Ne dépassez pas les quantités et les temps de préparation maximaux indiqués dans les tableaux.
• Vous ne pourrez mettre l'appareil en marche que si le bol mélangeur ou le bol est installé correctement sur le bloc moteur.
Blender
Avertissement
• Ne mettez jamais vos doigts ou tout autre objet dans le blender lorsque l'appareil est en cours de fonctionnement.
• Ne touchez pas les lames de l'ensemble lames du bol mélangeur lorsque vous le manipulez ou le nettoyez, au risque de vous blesser.
• Assurez-vous que l'ensemble lames est correctement fixé sur le blender avant d'installer celui-ci sur le bloc moteur.
• Si l'ensemble lames se bloque, débranchez toujours l'appareil avant de retirer les ingrédients à l'origine du blocage.
Attention
• HR2107 : ne remplissez jamais le bol en acier inoxydable avec des ingrédients dont la température dépasse 80 °C.
• HR2105 et HR2106 : ne remplissez jamais le bol mélangeur en verre avec des ingrédients dont la température dépasse de 60 °C la température ambiante.
• HR2105 et HR2106 : n'utilisez pas le bol mélangeur en verre juste après l'avoir sorti du lave-vaisselle ou du réfrigérateur.
• Pour éviter tout risque d'éclaboussure, ne versez jamais plus de 1,25 litre d'ingrédients liquides dans le bol mélangeur.
• Ne faites pas fonctionner l'appareil pendant plus de 2 minutes sans interruption.
• Assurez-vous que le couvercle est correctement fermé/fixé sur le bol et que le verre doseur est correctement inséré dans le couvercle avant de mettre l'appareil en marche.
Hachoir (HR2106 uniquement)
Avertissement
• Assurez-vous que l'ensemble lames est correctement fixé sur le bol du hachoir avant d'installer celui-ci sur le bloc moteur.
• Ne touchez pas les lames de l'ensemble lames du hachoir lorsque vous le manipulez ou le nettoyez, au risque de vous blesser.
• Si l'ensemble lames se bloque, débranchez toujours l'appareil avant de retirer les ingrédients à l'origine du blocage.
• N'utilisez pas le mini-hachoir pour mélanger des liquides ou pour piler de la glace pilée.
Attention
• N'utilisez jamais le mini-hachoir pendant plus de 30 secondes sans interruption. Laissez-le refroidir à température ambiante entre deux préparations.
• N'oubliez jamais de placer la bague d'étanchéité sur l'ensemble lames avant d'installer le mini-hachoir afin d'éviter toute fuite.
• Hachez toujours les clous de girofle, l'anis étoilé et les graines d'anis avec d'autres ingrédients.
Fonction de sécurité

Ce blender est doté d'une fonction de sécurité qui le protège contre la surcharge. En cas de surcharge, la protection anti-surchauffe est automatiquement activée par le blender, ce qui met l'appareil hors tension. Si cela se produit, réglez le bouton rotatif sur OFF, débranchez l'appareil et laissez-le refroidir pendant 15 minutes.

Champs électromagnétiques (CEM)

Cet appareil Philips est conforme à toutes les normes relatives aux champs électromagnétiques (CEM). Il répond aux règles de sécurité établies sur la base des connaissances scientifiques actuelles s'il est manipulé correctement et conformément aux instructions de ce manuel d'utilisation.

Recyclage

Cet appareil a été conçu et fabriqué avec des matériaux et des composants de haute qualité pouvant être recyclés et réutilisés. La présence du symbole de poubelle barrée indique que le produit est conforme à la directive européenne 2002/96/CE :

Ne jetez pas ce produit avec les ordures ménagères ordinaires. Renseignez-vous sur les dispositions en vigueur dans votre région concernant la collecte séparée des appareils électriques et électroniques.

Verrou de sécurité intégré

Grâce à cette fonctionnalité, l'appareil se met en marche uniquement lorsque le bol mélangeur ou le bol du moulin est correctement placé sur le bloc moteur.

2 Garantie et service

Si vous souhaitez obtenir des informations supplémentaires ou si vous rencontrez un problème, visitez le site Web de Philips à l'adresse www.philips.com ou contactez le Service Consommateurs Philips de votre pays.
